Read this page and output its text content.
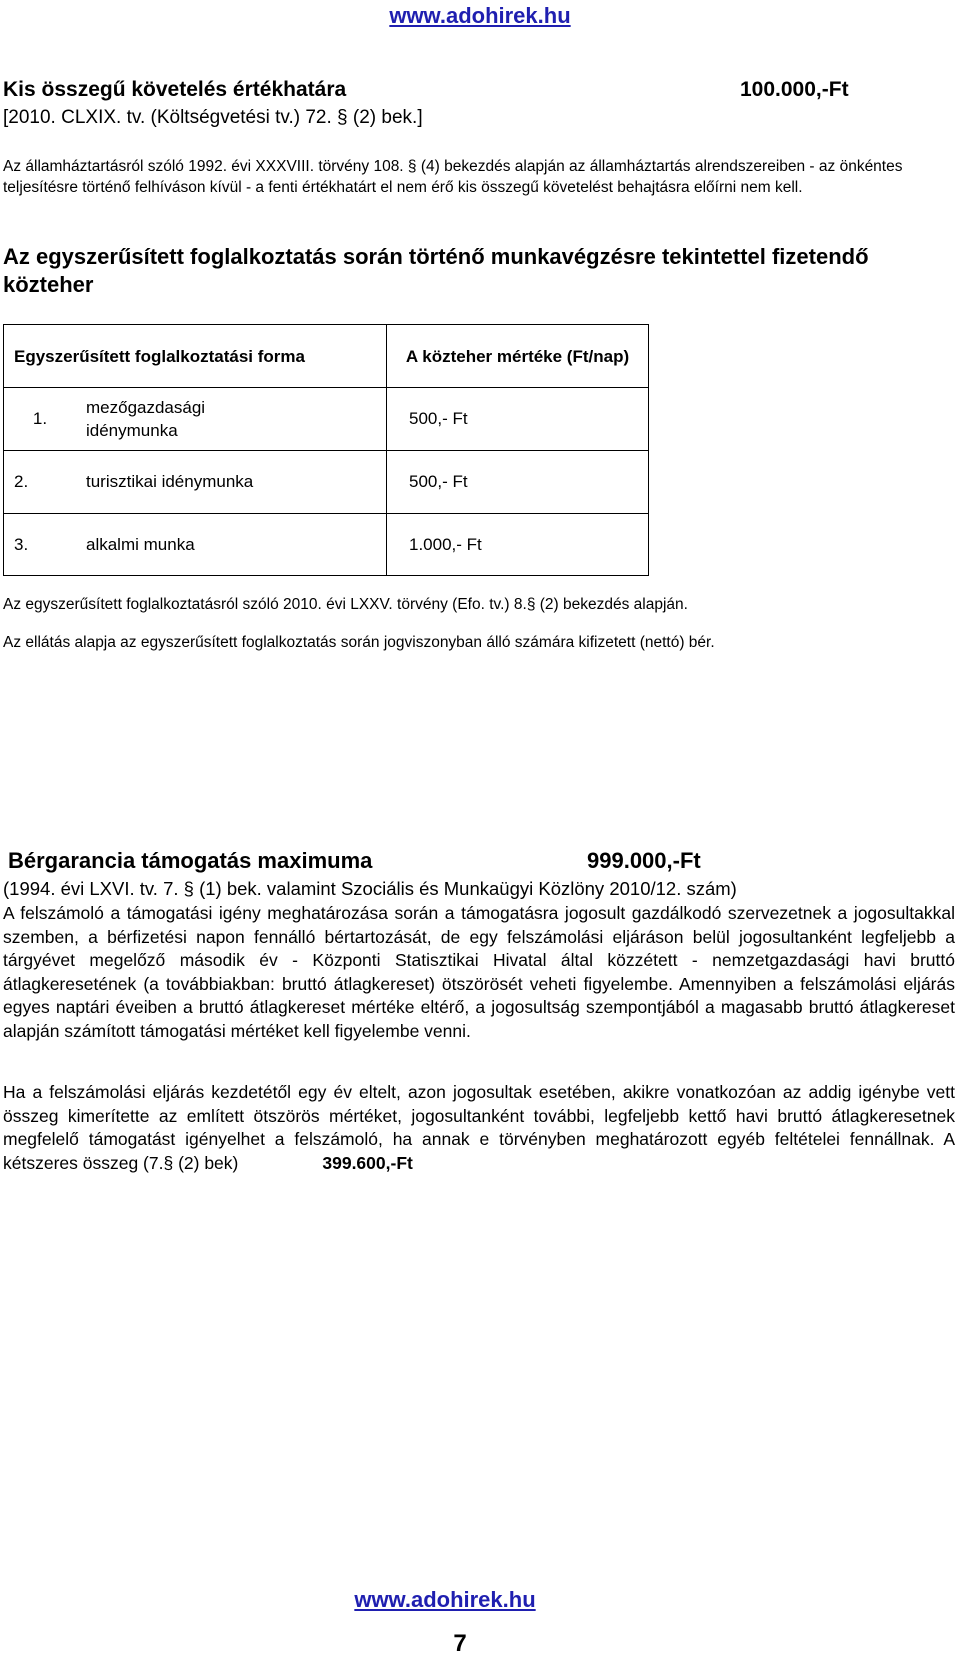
www.adohirek.hu
Kis összegű követelés értékhatára	100.000,-Ft
[2010. CLXIX. tv. (Költségvetési tv.) 72. § (2) bek.]
Az államháztartásról szóló 1992. évi XXXVIII. törvény 108. § (4) bekezdés alapján az államháztartás alrendszereiben - az önkéntes teljesítésre történő felhíváson kívül - a fenti értékhatárt el nem érő kis összegű követelést behajtásra előírni nem kell.
Az egyszerűsített foglalkoztatás során történő munkavégzésre tekintettel fizetendő közteher
Egyszerűsített foglalkoztatási forma		A közteher mértéke (Ft/nap)
1.	mezőgazdasági idénymunka	500,- Ft
2.	turisztikai idénymunka	500,- Ft
3.	alkalmi munka	1.000,- Ft
Az egyszerűsített foglalkoztatásról szóló 2010. évi LXXV. törvény (Efo. tv.) 8.§ (2) bekezdés alapján.
Az ellátás alapja az egyszerűsített foglalkoztatás során jogviszonyban álló számára kifizetett (nettó) bér.
Bérgarancia támogatás maximuma	999.000,-Ft
(1994. évi LXVI. tv. 7. § (1) bek. valamint Szociális és Munkaügyi Közlöny 2010/12. szám)
A felszámoló a támogatási igény meghatározása során a támogatásra jogosult gazdálkodó szervezetnek a jogosultakkal szemben, a bérfizetési napon fennálló bértartozását, de egy felszámolási eljáráson belül jogosultanként legfeljebb a tárgyévet megelőző második év - Központi Statisztikai Hivatal által közzétett - nemzetgazdasági havi bruttó átlagkeresetének (a továbbiakban: bruttó átlagkereset) ötszörösét veheti figyelembe. Amennyiben a felszámolási eljárás egyes naptári éveiben a bruttó átlagkereset mértéke eltérő, a jogosultság szempontjából a magasabb bruttó átlagkereset alapján számított támogatási mértéket kell figyelembe venni.
Ha a felszámolási eljárás kezdetétől egy év eltelt, azon jogosultak esetében, akikre vonatkozóan az addig igénybe vett összeg kimerítette az említett ötszörös mértéket, jogosultanként további, legfeljebb kettő havi bruttó átlagkeresetnek megfelelő támogatást igényelhet a felszámoló, ha annak e törvényben meghatározott egyéb feltételei fennállnak. A kétszeres összeg (7.§ (2) bek)	399.600,-Ft
www.adohirek.hu
7
